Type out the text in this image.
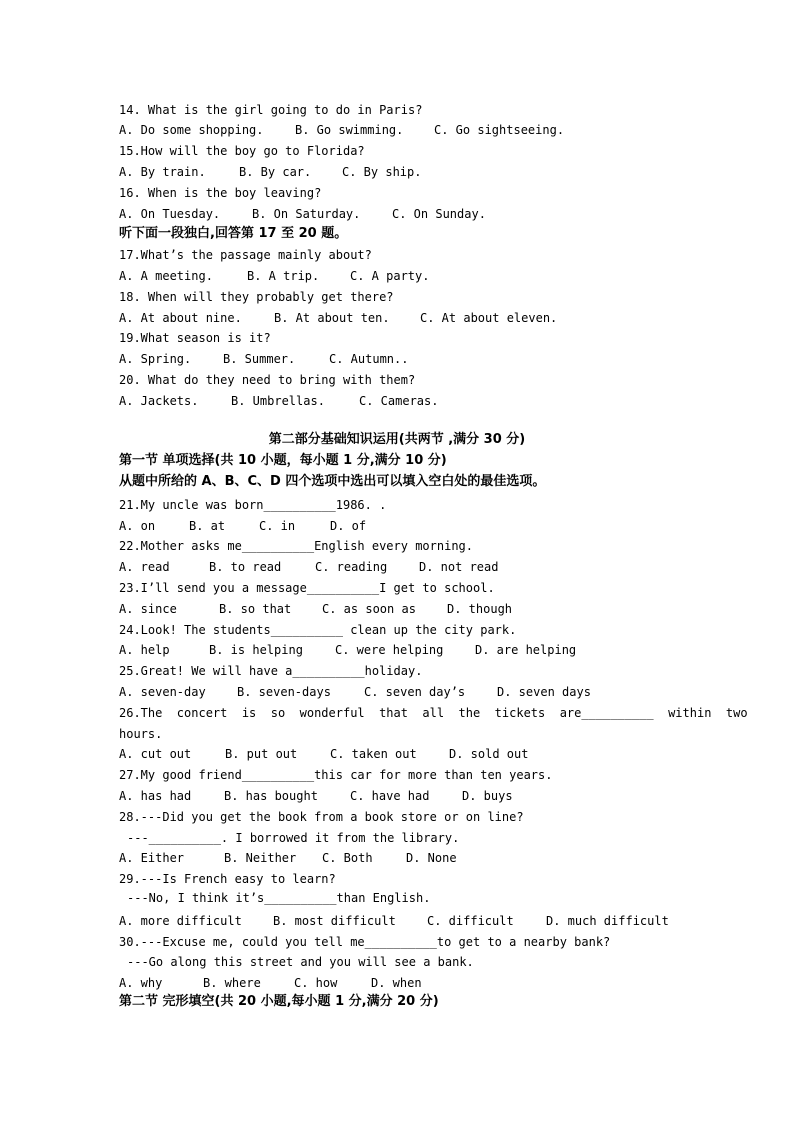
14. What is the girl going to do in Paris?
A. Do some shopping.	B. Go swimming.	C. Go sightseeing.
15.How will the boy go to Florida?
A. By train.	B. By car.	C. By ship.
16. When is the boy leaving?
A. On Tuesday.	B. On Saturday.	C. On Sunday.
听下面一段独白,回答第 17 至 20 题。
17.What’s the passage mainly about?
A. A meeting.	B. A trip.	C. A party.
18. When will they probably get there?
A. At about nine.	B. At about ten.	C. At about eleven.
19.What season is it?
A. Spring.	B. Summer.	C. Autumn..
20. What do they need to bring with them?
A. Jackets.	B. Umbrellas.	C. Cameras.
第二部分基础知识运用(共两节 ,满分 30 分)
第一节 单项选择(共 10 小题，每小题 1 分,满分 10 分)
从题中所给的 A、B、C、D 四个选项中选出可以填入空白处的最佳选项。
21.My uncle was born__________1986. .
A. on	B. at	C. in	D. of
22.Mother asks me__________English every morning.
A. read	B. to read	C. reading	D. not read
23.I’ll send you a message__________I get to school.
A. since	B. so that	C. as soon as	D. though
24.Look! The students__________ clean up the city park.
A. help	B. is helping	C. were helping	D. are helping
25.Great! We will have a__________holiday.
A. seven-day	B. seven-days	C. seven day’s	D. seven days
26.The  concert  is  so  wonderful  that  all  the  tickets  are__________  within  two
hours.
A. cut out	B. put out	C. taken out	D. sold out
27.My good friend__________this car for more than ten years.
A. has had	B. has bought	C. have had	D. buys
28.---Did you get the book from a book store or on line?
---__________. I borrowed it from the library.
A. Either	B. Neither C. Both	D. None
29.---Is French easy to learn?
---No, I think it’s__________than English.
A. more difficult	B. most difficult	C. difficult	D. much difficult
30.---Excuse me, could you tell me__________to get to a nearby bank?
---Go along this street and you will see a bank.
A. why	B. where	C. how	D. when
第二节 完形填空(共 20 小题,每小题 1 分,满分 20 分)
